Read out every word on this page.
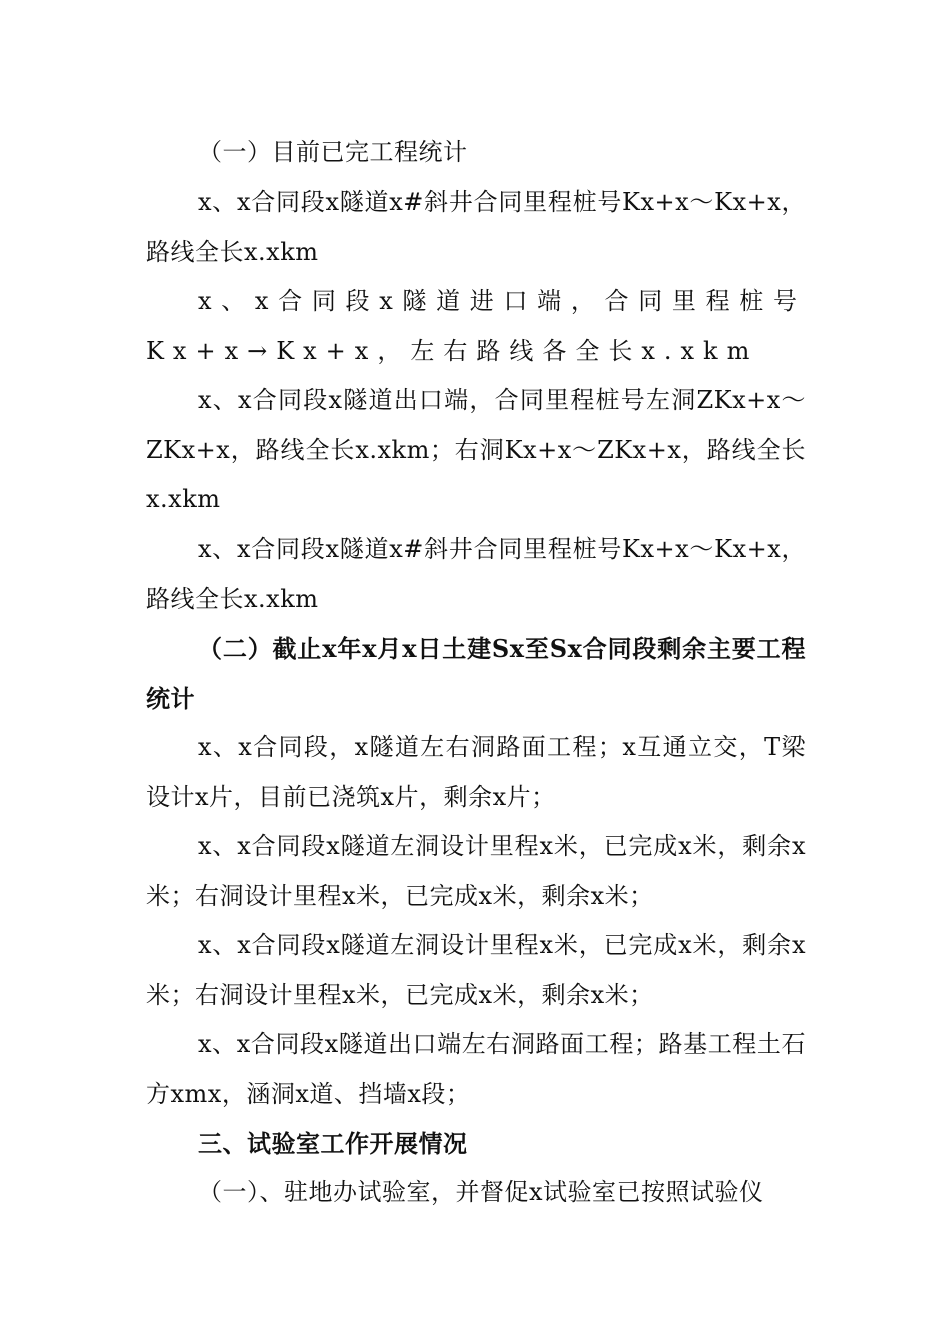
（一）目前已完工程统计

x、x合同段x隧道x#斜井合同里程桩号Kx+x～Kx+x，路线全长x.xkm

x、x合同段x隧道进口端，合同里程桩号Kx+x→Kx+x，左右路线各全长x.xkm

x、x合同段x隧道出口端，合同里程桩号左洞ZKx+x～ZKx+x，路线全长x.xkm；右洞Kx+x～ZKx+x，路线全长x.xkm

x、x合同段x隧道x#斜井合同里程桩号Kx+x～Kx+x，路线全长x.xkm

（二）截止x年x月x日土建Sx至Sx合同段剩余主要工程统计

x、x合同段，x隧道左右洞路面工程；x互通立交，T梁设计x片，目前已浇筑x片，剩余x片；

x、x合同段x隧道左洞设计里程x米，已完成x米，剩余x米；右洞设计里程x米，已完成x米，剩余x米；

x、x合同段x隧道左洞设计里程x米，已完成x米，剩余x米；右洞设计里程x米，已完成x米，剩余x米；

x、x合同段x隧道出口端左右洞路面工程；路基工程土石方xmx，涵洞x道、挡墙x段；

三、试验室工作开展情况

（一）、驻地办试验室，并督促x试验室已按照试验仪
